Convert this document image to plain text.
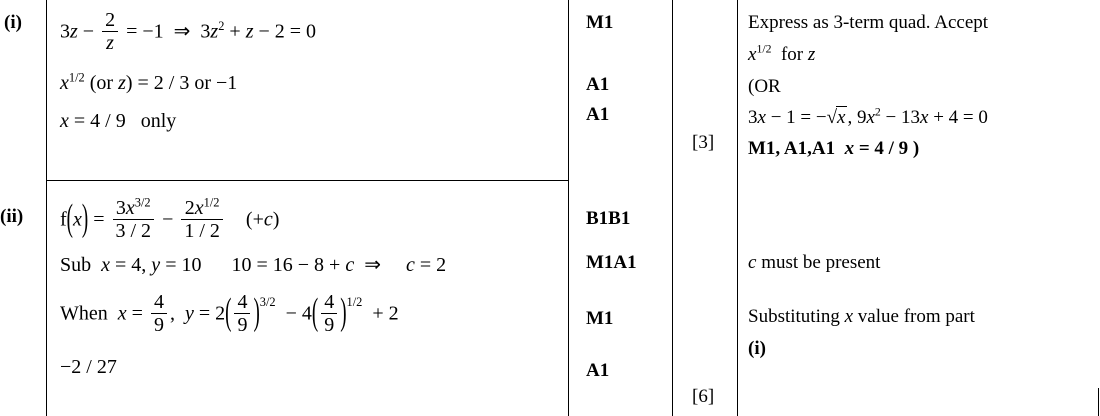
(i) $3z - \frac{2}{z} = -1$  ⇒  $3z^2 + z - 2 = 0$
$x^{1/2}$ (or z) = 2 / 3 or −1
x = 4 / 9   only
M1
A1
A1
[3]
Express as 3-term quad. Accept
$x^{1/2}$  for z
(OR
3x − 1 = −√x , $9x^2 - 13x + 4 = 0$
M1, A1,A1  x = 4 / 9 )
(ii) $f(x) = \frac{3x^{3/2}}{3 / 2} - \frac{2x^{1/2}}{1 / 2} (+c)$
Sub  x = 4, y = 10      10 = 16 − 8 + c  ⇒     c = 2
When  $x = \frac{4}{9}$ ,  $y = 2( \frac{4}{9} )3/2 - 4( \frac{4}{9} )1/2 + 2$
−2 / 27
B1B1
M1A1
M1
A1
[6]
c must be present
Substituting x value from part
(i)
